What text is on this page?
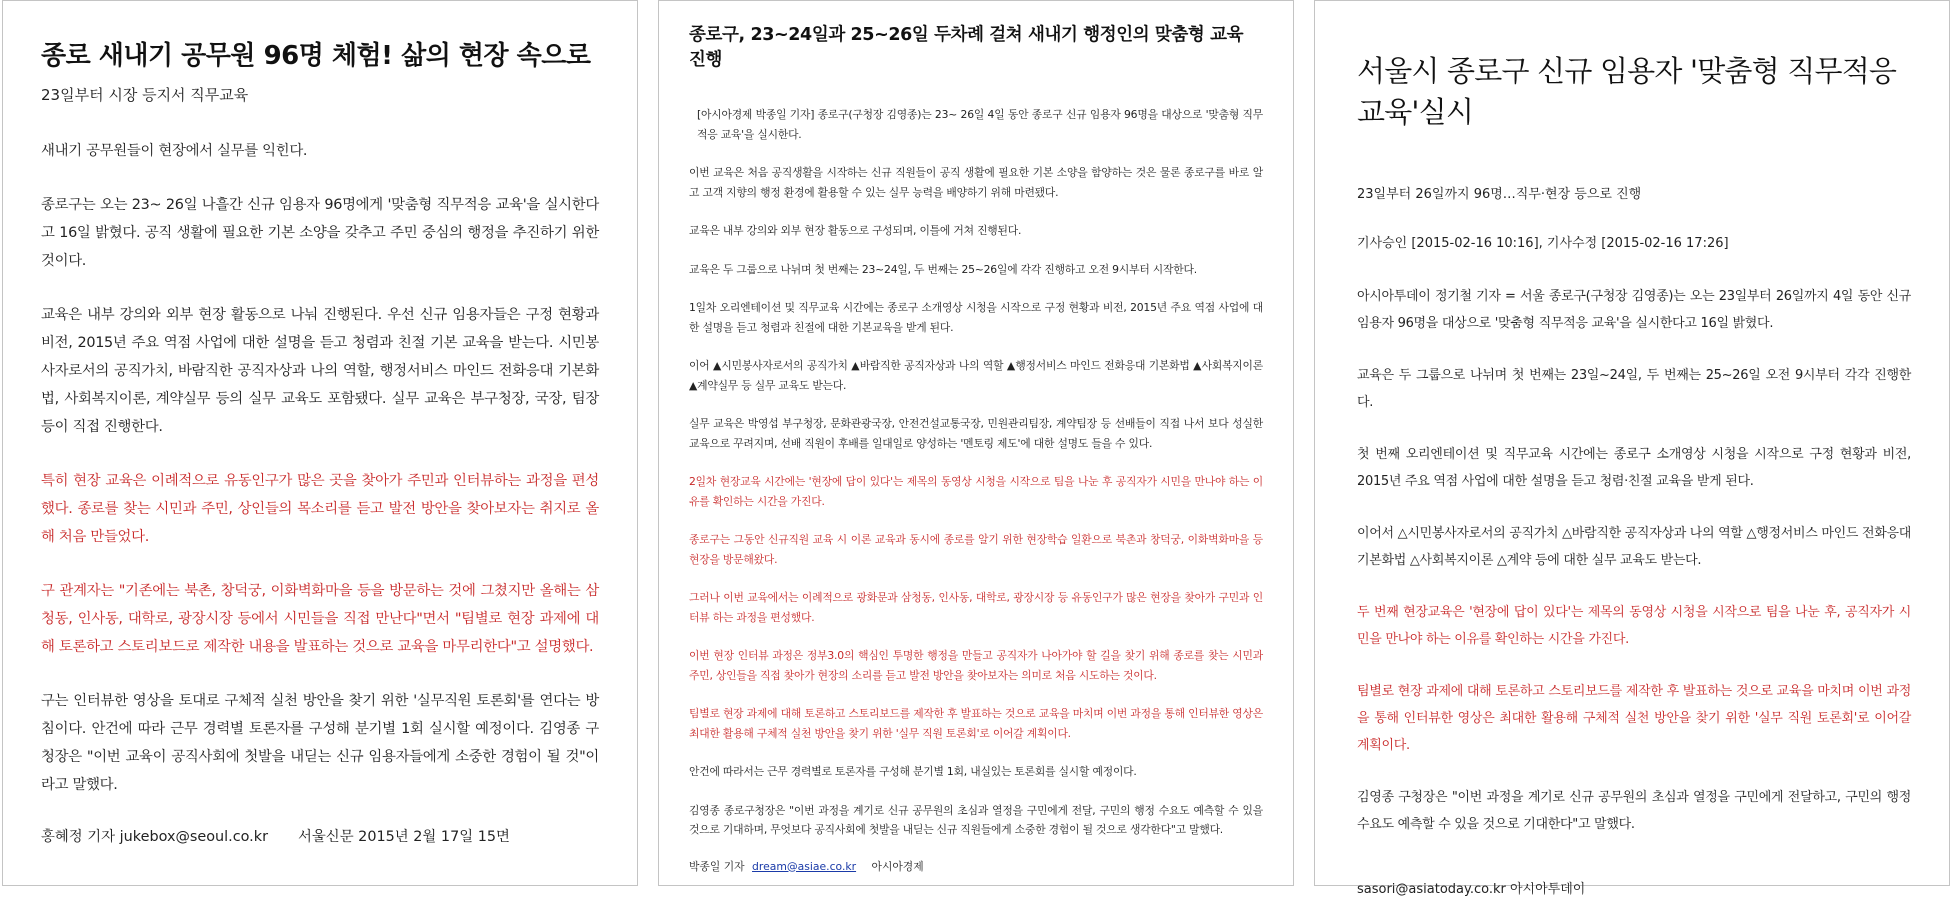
종로 새내기 공무원 96명 체험! 삶의 현장 속으로
23일부터 시장 등지서 직무교육

새내기 공무원들이 현장에서 실무를 익힌다.

종로구는 오는 23~ 26일 나흘간 신규 임용자 96명에게 '맞춤형 직무적응 교육'을 실시한다고 16일 밝혔다. 공직 생활에 필요한 기본 소양을 갖추고 주민 중심의 행정을 추진하기 위한 것이다.

교육은 내부 강의와 외부 현장 활동으로 나눠 진행된다. 우선 신규 임용자들은 구정 현황과 비전, 2015년 주요 역점 사업에 대한 설명을 듣고 청렴과 친절 기본 교육을 받는다. 시민봉사자로서의 공직가치, 바람직한 공직자상과 나의 역할, 행정서비스 마인드 전화응대 기본화법, 사회복지이론, 계약실무 등의 실무 교육도 포함됐다. 실무 교육은 부구청장, 국장, 팀장 등이 직접 진행한다.

특히 현장 교육은 이례적으로 유동인구가 많은 곳을 찾아가 주민과 인터뷰하는 과정을 편성했다. 종로를 찾는 시민과 주민, 상인들의 목소리를 듣고 발전 방안을 찾아보자는 취지로 올해 처음 만들었다.

구 관계자는 "기존에는 북촌, 창덕궁, 이화벽화마을 등을 방문하는 것에 그쳤지만 올해는 삼청동, 인사동, 대학로, 광장시장 등에서 시민들을 직접 만난다"면서 "팀별로 현장 과제에 대해 토론하고 스토리보드로 제작한 내용을 발표하는 것으로 교육을 마무리한다"고 설명했다.

구는 인터뷰한 영상을 토대로 구체적 실천 방안을 찾기 위한 '실무직원 토론회'를 연다는 방침이다. 안건에 따라 근무 경력별 토론자를 구성해 분기별 1회 실시할 예정이다. 김영종 구청장은 "이번 교육이 공직사회에 첫발을 내딛는 신규 임용자들에게 소중한 경험이 될 것"이라고 말했다.

홍혜정 기자 jukebox@seoul.co.kr 서울신문 2015년 2월 17일 15면
종로구, 23~24일과 25~26일 두차례 걸쳐 새내기 행정인의 맞춤형 교육 진행

[아시아경제 박종일 기자] 종로구(구청장 김영종)는 23~ 26일 4일 동안 종로구 신규 임용자 96명을 대상으로 '맞춤형 직무적응 교육'을 실시한다.

이번 교육은 처음 공직생활을 시작하는 신규 직원들이 공직 생활에 필요한 기본 소양을 함양하는 것은 물론 종로구를 바로 알고 고객 지향의 행정 환경에 활용할 수 있는 실무 능력을 배양하기 위해 마련됐다.

교육은 내부 강의와 외부 현장 활동으로 구성되며, 이틀에 거쳐 진행된다.

교육은 두 그룹으로 나뉘며 첫 번째는 23~24일, 두 번째는 25~26일에 각각 진행하고 오전 9시부터 시작한다.

1일차 오리엔테이션 및 직무교육 시간에는 종로구 소개영상 시청을 시작으로 구정 현황과 비전, 2015년 주요 역점 사업에 대한 설명을 듣고 청렴과 친절에 대한 기본교육을 받게 된다.

이어 ▲시민봉사자로서의 공직가치 ▲바람직한 공직자상과 나의 역할 ▲행정서비스 마인드 전화응대 기본화법 ▲사회복지이론 ▲계약실무 등 실무 교육도 받는다.

실무 교육은 박영섭 부구청장, 문화관광국장, 안전건설교통국장, 민원관리팀장, 계약팀장 등 선배들이 직접 나서 보다 성실한 교육으로 꾸려지며, 선배 직원이 후배를 일대일로 양성하는 '멘토링 제도'에 대한 설명도 들을 수 있다.

2일차 현장교육 시간에는 '현장에 답이 있다'는 제목의 동영상 시청을 시작으로 팀을 나눈 후 공직자가 시민을 만나야 하는 이유를 확인하는 시간을 가진다.

종로구는 그동안 신규직원 교육 시 이론 교육과 동시에 종로를 알기 위한 현장학습 일환으로 북촌과 창덕궁, 이화벽화마을 등 현장을 방문해왔다.

그러나 이번 교육에서는 이례적으로 광화문과 삼청동, 인사동, 대학로, 광장시장 등 유동인구가 많은 현장을 찾아가 구민과 인터뷰 하는 과정을 편성했다.

이번 현장 인터뷰 과정은 정부3.0의 핵심인 투명한 행정을 만들고 공직자가 나아가야 할 길을 찾기 위해 종로를 찾는 시민과 주민, 상인들을 직접 찾아가 현장의 소리를 듣고 발전 방안을 찾아보자는 의미로 처음 시도하는 것이다.

팀별로 현장 과제에 대해 토론하고 스토리보드를 제작한 후 발표하는 것으로 교육을 마치며 이번 과정을 통해 인터뷰한 영상은 최대한 활용해 구체적 실천 방안을 찾기 위한 '실무 직원 토론회'로 이어갈 계획이다.

안건에 따라서는 근무 경력별로 토론자를 구성해 분기별 1회, 내실있는 토론회를 실시할 예정이다.

김영종 종로구청장은 "이번 과정을 계기로 신규 공무원의 초심과 열정을 구민에게 전달, 구민의 행정 수요도 예측할 수 있을 것으로 기대하며, 무엇보다 공직사회에 첫발을 내딛는 신규 직원들에게 소중한 경험이 될 것으로 생각한다"고 말했다.

박종일 기자 dream@asiae.co.kr 아시아경제
서울시 종로구 신규 임용자 '맞춤형 직무적응 교육'실시
23일부터 26일까지 96명…직무·현장 등으로 진행
기사승인 [2015-02-16 10:16], 기사수정 [2015-02-16 17:26]

아시아투데이 정기철 기자 = 서울 종로구(구청장 김영종)는 오는 23일부터 26일까지 4일 동안 신규 임용자 96명을 대상으로 '맞춤형 직무적응 교육'을 실시한다고 16일 밝혔다.

교육은 두 그룹으로 나뉘며 첫 번째는 23일~24일, 두 번째는 25~26일 오전 9시부터 각각 진행한다.

첫 번째 오리엔테이션 및 직무교육 시간에는 종로구 소개영상 시청을 시작으로 구정 현황과 비전, 2015년 주요 역점 사업에 대한 설명을 듣고 청렴·친절 교육을 받게 된다.

이어서 △시민봉사자로서의 공직가치 △바람직한 공직자상과 나의 역할 △행정서비스 마인드 전화응대 기본화법 △사회복지이론 △계약 등에 대한 실무 교육도 받는다.

두 번째 현장교육은 '현장에 답이 있다'는 제목의 동영상 시청을 시작으로 팀을 나눈 후, 공직자가 시민을 만나야 하는 이유를 확인하는 시간을 가진다.

팀별로 현장 과제에 대해 토론하고 스토리보드를 제작한 후 발표하는 것으로 교육을 마치며 이번 과정을 통해 인터뷰한 영상은 최대한 활용해 구체적 실천 방안을 찾기 위한 '실무 직원 토론회'로 이어갈 계획이다.

김영종 구청장은 "이번 과정을 계기로 신규 공무원의 초심과 열정을 구민에게 전달하고, 구민의 행정 수요도 예측할 수 있을 것으로 기대한다"고 말했다.

sasori@asiatoday.co.kr 아시아투데이
